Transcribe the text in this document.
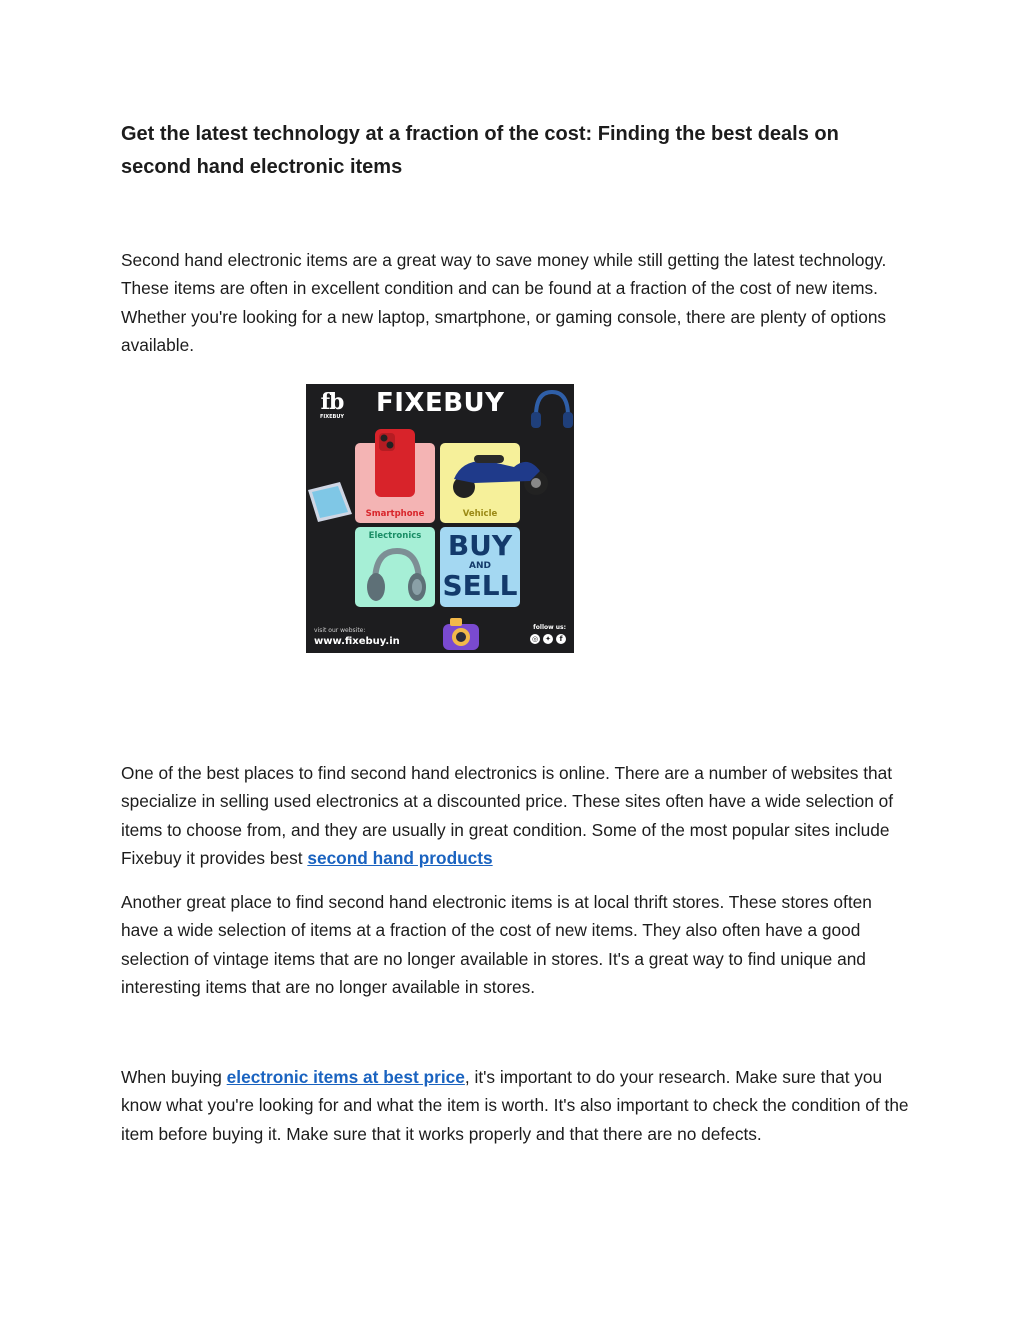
Get the latest technology at a fraction of the cost: Finding the best deals on second hand electronic items

Second hand electronic items are a great way to save money while still getting the latest technology. These items are often in excellent condition and can be found at a fraction of the cost of new items. Whether you're looking for a new laptop, smartphone, or gaming console, there are plenty of options available.

One of the best places to find second hand electronics is online. There are a number of websites that specialize in selling used electronics at a discounted price. These sites often have a wide selection of items to choose from, and they are usually in great condition. Some of the most popular sites include Fixebuy it provides best second hand products

Another great place to find second hand electronic items is at local thrift stores. These stores often have a wide selection of items at a fraction of the cost of new items. They also often have a good selection of vintage items that are no longer available in stores. It's a great way to find unique and interesting items that are no longer available in stores.

When buying electronic items at best price, it's important to do your research. Make sure that you know what you're looking for and what the item is worth. It's also important to check the condition of the item before buying it. Make sure that it works properly and that there are no defects.

fb
FIXEBUY FIXEBUY
Smartphone	Vehicle
Electronics BUY
AND
SELL
visit our website:
www.fixebuy.in
follow us:
◎ ✦	f
